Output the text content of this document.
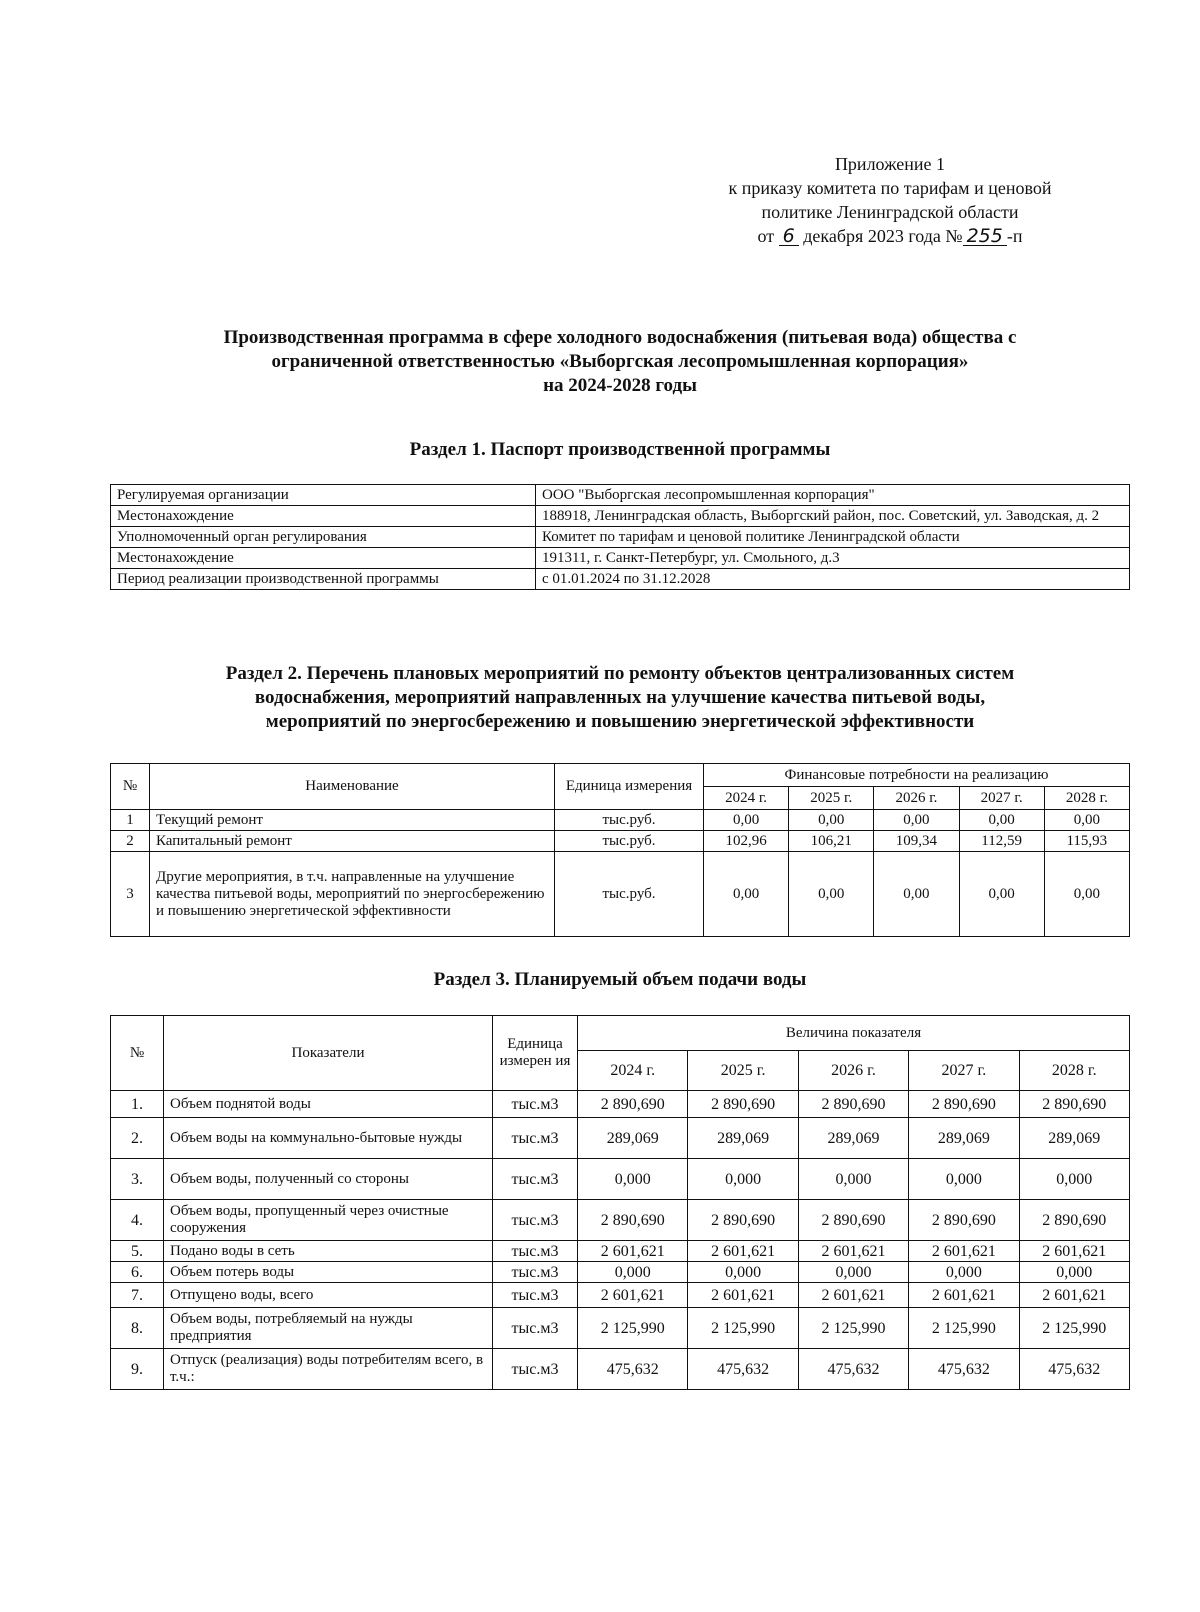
Приложение 1
к приказу комитета по тарифам и ценовой
политике Ленинградской области
от 6 декабря 2023 года № 255 -п
Производственная программа в сфере холодного водоснабжения (питьевая вода) общества с
ограниченной ответственностью «Выборгская лесопромышленная корпорация»
на 2024-2028 годы
Раздел 1. Паспорт производственной программы
Регулируемая организации	ООО "Выборгская лесопромышленная корпорация"
Местонахождение	188918, Ленинградская область, Выборгский район, пос. Советский, ул. Заводская, д. 2
Уполномоченный орган регулирования	Комитет по тарифам и ценовой политике Ленинградской области
Местонахождение	191311, г. Санкт-Петербург, ул. Смольного, д.3
Период реализации производственной программы	с 01.01.2024 по 31.12.2028
Раздел 2. Перечень плановых мероприятий по ремонту объектов централизованных систем
водоснабжения, мероприятий направленных на улучшение качества питьевой воды,
мероприятий по энергосбережению и повышению энергетической эффективности
№	Наименование	Единица измерения	Финансовые потребности на реализацию				
			2024 г.	2025 г.	2026 г.	2027 г.	2028 г.
1	Текущий ремонт	тыс.руб.	0,00	0,00	0,00	0,00	0,00
2	Капитальный ремонт	тыс.руб.	102,96	106,21	109,34	112,59	115,93
3	Другие мероприятия, в т.ч. направленные на улучшение качества питьевой воды, мероприятий по энергосбережению и повышению энергетической эффективности	тыс.руб.	0,00	0,00	0,00	0,00	0,00
Раздел 3. Планируемый объем подачи воды
№	Показатели	Единица измерен ия	Величина показателя				
			2024 г.	2025 г.	2026 г.	2027 г.	2028 г.
1.	Объем поднятой воды	тыс.м3	2 890,690	2 890,690	2 890,690	2 890,690	2 890,690
2.	Объем воды на коммунально-бытовые нужды	тыс.м3	289,069	289,069	289,069	289,069	289,069
3.	Объем воды, полученный со стороны	тыс.м3	0,000	0,000	0,000	0,000	0,000
4.	Объем воды, пропущенный через очистные сооружения	тыс.м3	2 890,690	2 890,690	2 890,690	2 890,690	2 890,690
5.	Подано воды в сеть	тыс.м3	2 601,621	2 601,621	2 601,621	2 601,621	2 601,621
6.	Объем потерь воды	тыс.м3	0,000	0,000	0,000	0,000	0,000
7.	Отпущено воды, всего	тыс.м3	2 601,621	2 601,621	2 601,621	2 601,621	2 601,621
8.	Объем воды, потребляемый на нужды предприятия	тыс.м3	2 125,990	2 125,990	2 125,990	2 125,990	2 125,990
9.	Отпуск (реализация) воды потребителям всего, в т.ч.:	тыс.м3	475,632	475,632	475,632	475,632	475,632
